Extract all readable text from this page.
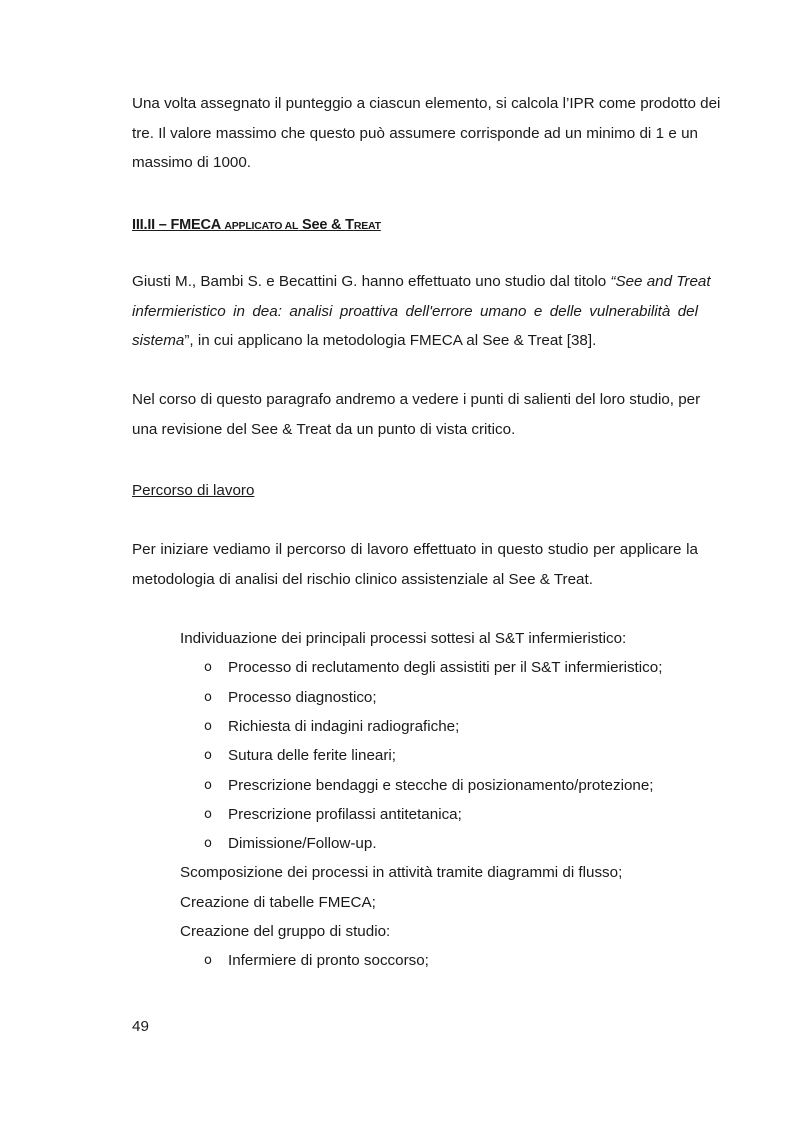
Una volta assegnato il punteggio a ciascun elemento, si calcola l’IPR come prodotto dei
tre. Il valore massimo che questo può assumere corrisponde ad un minimo di 1 e un
massimo di 1000.
III.II – FMECA APPLICATO AL See & TREAT
Giusti M., Bambi S. e Becattini G. hanno effettuato uno studio dal titolo “See and Treat
infermieristico in dea: analisi proattiva dell'errore umano e delle vulnerabilità del
sistema”, in cui applicano la metodologia FMECA al See & Treat [38].
Nel corso di questo paragrafo andremo a vedere i punti di salienti del loro studio, per
una revisione del See & Treat da un punto di vista critico.
Percorso di lavoro
Per iniziare vediamo il percorso di lavoro effettuato in questo studio per applicare la
metodologia di analisi del rischio clinico assistenziale al See & Treat.
Individuazione dei principali processi sottesi al S&T infermieristico:
o Processo di reclutamento degli assistiti per il S&T infermieristico;
o Processo diagnostico;
o Richiesta di indagini radiografiche;
o Sutura delle ferite lineari;
o Prescrizione bendaggi e stecche di posizionamento/protezione;
o Prescrizione profilassi antitetanica;
o Dimissione/Follow-up.
Scomposizione dei processi in attività tramite diagrammi di flusso;
Creazione di tabelle FMECA;
Creazione del gruppo di studio:
o Infermiere di pronto soccorso;
49
